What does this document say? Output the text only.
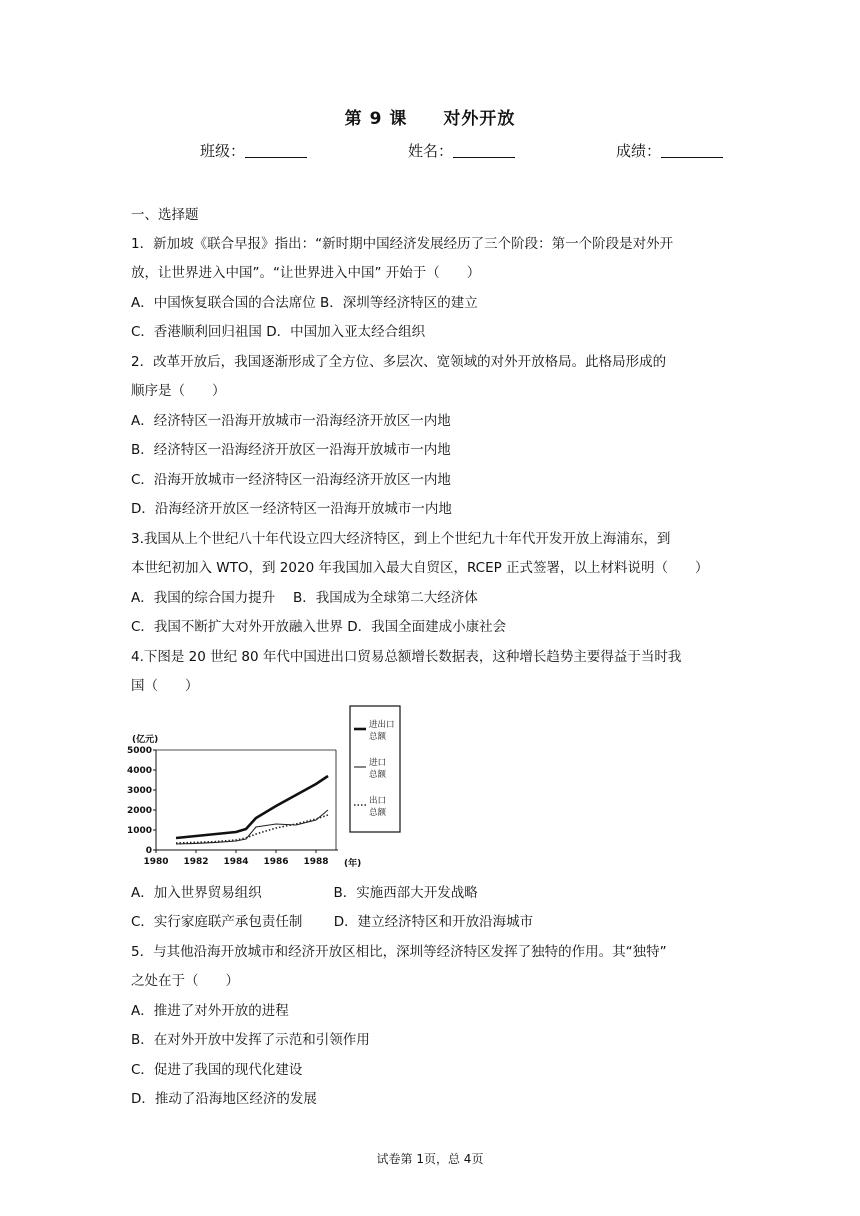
第 9 课 对外开放
班级：	姓名：	成绩：
一、选择题
1．新加坡《联合早报》指出：“新时期中国经济发展经历了三个阶段：第一个阶段是对外开
放，让世界进入中国”。“让世界进入中国” 开始于（　　）
A．中国恢复联合国的合法席位 B．深圳等经济特区的建立
C．香港顺利回归祖国 D．中国加入亚太经合组织
2．改革开放后，我国逐渐形成了全方位、多层次、宽领域的对外开放格局。此格局形成的
顺序是（　　）
A．经济特区一沿海开放城市一沿海经济开放区一内地
B．经济特区一沿海经济开放区一沿海开放城市一内地
C．沿海开放城市一经济特区一沿海经济开放区一内地
D．沿海经济开放区一经济特区一沿海开放城市一内地
3.我国从上个世纪八十年代设立四大经济特区，到上个世纪九十年代开发开放上海浦东，到
本世纪初加入 WTO，到 2020 年我国加入最大自贸区，RCEP 正式签署，以上材料说明（　　）
A．我国的综合国力提升　 B．我国成为全球第二大经济体
C．我国不断扩大对外开放融入世界 D．我国全面建成小康社会
4.下图是 20 世纪 80 年代中国进出口贸易总额增长数据表，这种增长趋势主要得益于当时我
国（　　）
(亿元)
(年)
5000
4000
3000
2000
1000
0
1980 1982 1984 1986 1988
进出口
总额
进口
总额
出口
总额
A．加入世界贸易组织　　　　　 B．实施西部大开发战略
C．实行家庭联产承包责任制　　 D．建立经济特区和开放沿海城市
5．与其他沿海开放城市和经济开放区相比，深圳等经济特区发挥了独特的作用。其“独特”
之处在于（　　）
A．推进了对外开放的进程
B．在对外开放中发挥了示范和引领作用
C．促进了我国的现代化建设
D．推动了沿海地区经济的发展
试卷第 1页，总 4页
